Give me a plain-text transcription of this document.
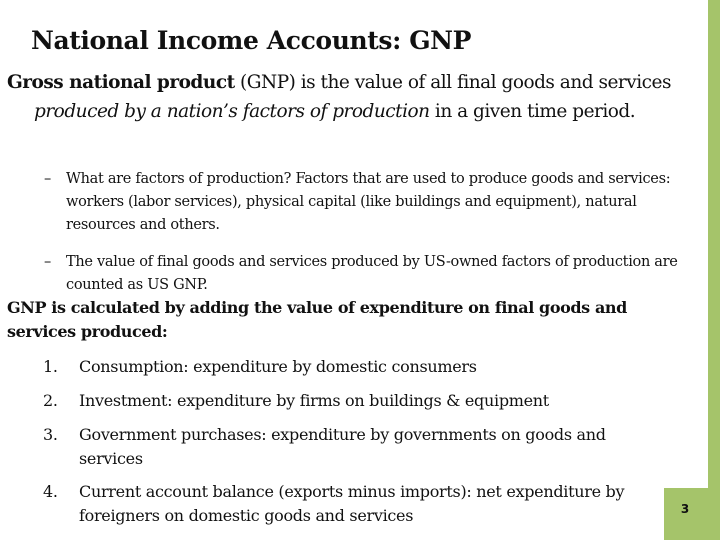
3
National Income Accounts: GNP
Gross national product (GNP) is the value of all final goods and services produced by a nation’s factors of production in a given time period.
–	What are factors of production? Factors that are used to produce goods and services: workers (labor services), physical capital (like buildings and equipment), natural resources and others.
–	The value of final goods and services produced by US-owned factors of production are counted as US GNP.
GNP is calculated by adding the value of expenditure on final goods and services produced:
1.	Consumption: expenditure by domestic consumers
2.	Investment: expenditure by firms on buildings & equipment
3.	Government purchases: expenditure by governments on goods and services
4.	Current account balance (exports minus imports): net expenditure by foreigners on domestic goods and services
